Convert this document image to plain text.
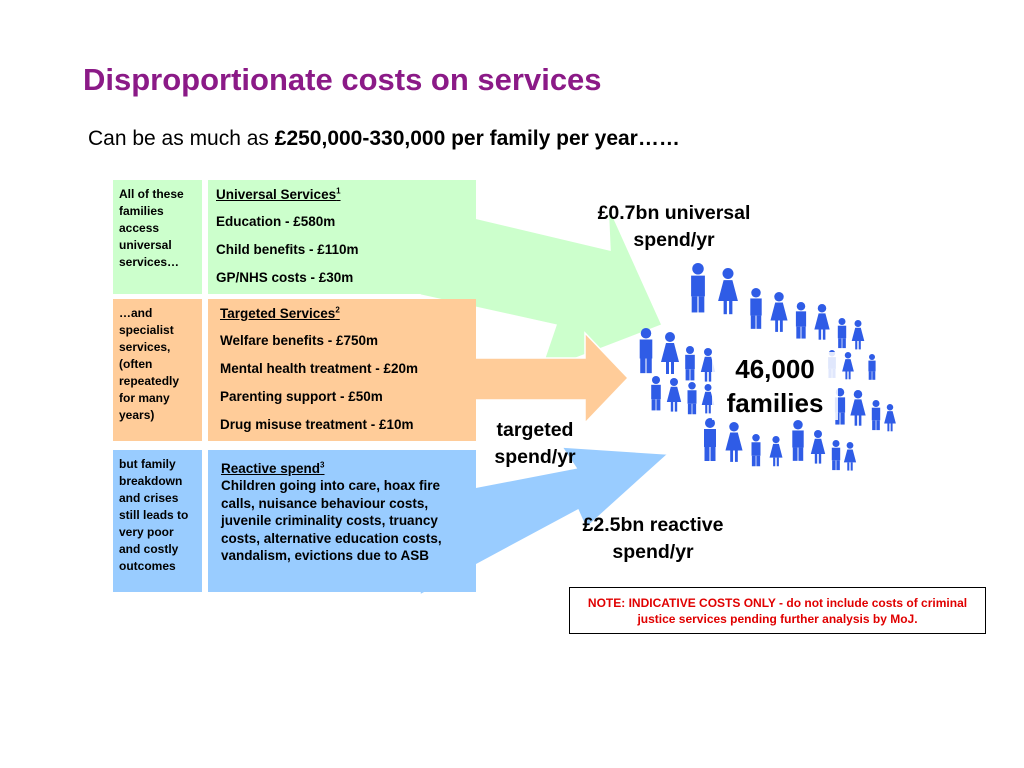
Disproportionate costs on services
Can be as much as £250,000-330,000 per family per year……
All of these families access universal services…
Universal Services$^1$
Education - £580m
Child benefits - £110m
GP/NHS costs - £30m
…and specialist services, (often repeatedly for many years)
Targeted Services$^2$
Welfare benefits - £750m
Mental health treatment - £20m
Parenting support - £50m
Drug misuse treatment - £10m
but family breakdown and crises still leads to very poor and costly outcomes
Reactive spend$^3$
Children going into care, hoax fire calls, nuisance behaviour costs, juvenile criminality costs, truancy costs, alternative education costs, vandalism, evictions due to ASB
£0.7bn universal spend/yr
targeted spend/yr
£2.5bn reactive spend/yr
46,000
families
NOTE: INDICATIVE COSTS ONLY - do not include costs of criminal justice services pending further analysis by MoJ.
